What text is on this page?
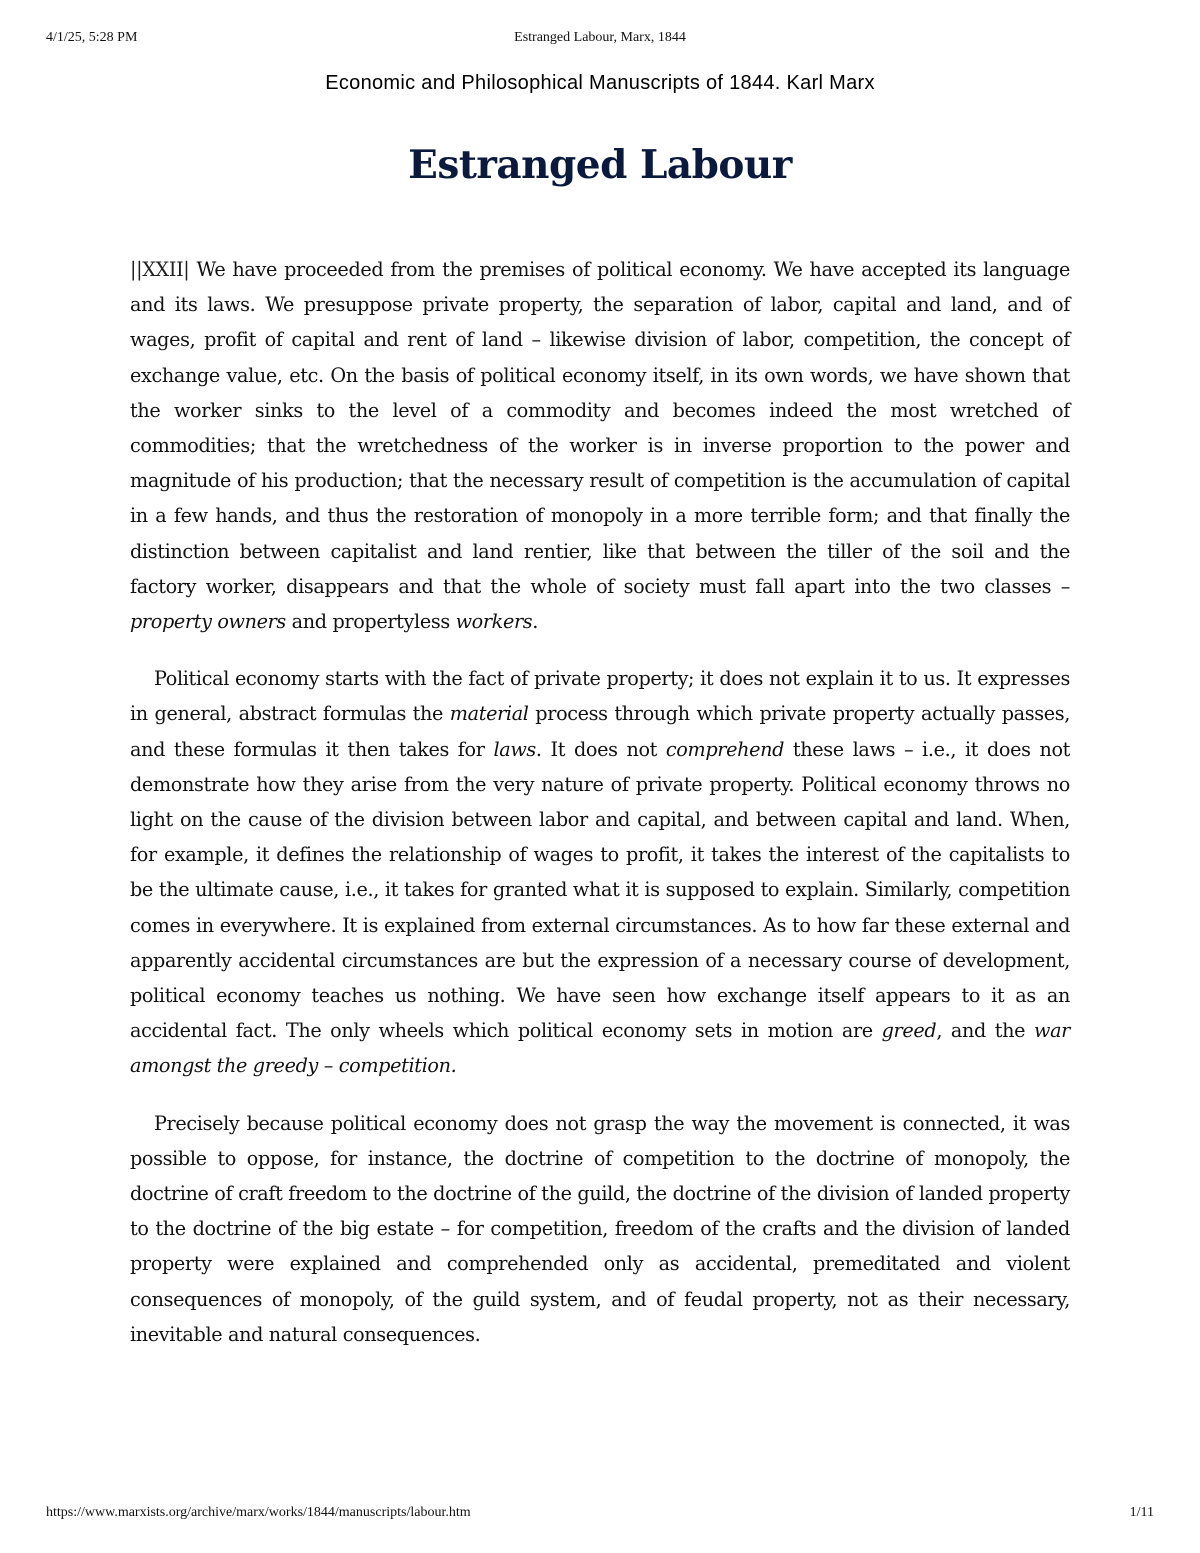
4/1/25, 5:28 PM	Estranged Labour, Marx, 1844
Economic and Philosophical Manuscripts of 1844. Karl Marx
Estranged Labour

||XXII| We have proceeded from the premises of political economy. We have accepted its language and its laws. We presuppose private property, the separation of labor, capital and land, and of wages, profit of capital and rent of land – likewise division of labor, competition, the concept of exchange value, etc. On the basis of political economy itself, in its own words, we have shown that the worker sinks to the level of a commodity and becomes indeed the most wretched of commodities; that the wretchedness of the worker is in inverse proportion to the power and magnitude of his production; that the necessary result of competition is the accumulation of capital in a few hands, and thus the restoration of monopoly in a more terrible form; and that finally the distinction between capitalist and land rentier, like that between the tiller of the soil and the factory worker, disappears and that the whole of society must fall apart into the two classes – property owners and propertyless workers.

Political economy starts with the fact of private property; it does not explain it to us. It expresses in general, abstract formulas the material process through which private property actually passes, and these formulas it then takes for laws. It does not comprehend these laws – i.e., it does not demonstrate how they arise from the very nature of private property. Political economy throws no light on the cause of the division between labor and capital, and between capital and land. When, for example, it defines the relationship of wages to profit, it takes the interest of the capitalists to be the ultimate cause, i.e., it takes for granted what it is supposed to explain. Similarly, competition comes in everywhere. It is explained from external circumstances. As to how far these external and apparently accidental circumstances are but the expression of a necessary course of development, political economy teaches us nothing. We have seen how exchange itself appears to it as an accidental fact. The only wheels which political economy sets in motion are greed, and the war amongst the greedy – competition.

Precisely because political economy does not grasp the way the movement is connected, it was possible to oppose, for instance, the doctrine of competition to the doctrine of monopoly, the doctrine of craft freedom to the doctrine of the guild, the doctrine of the division of landed property to the doctrine of the big estate – for competition, freedom of the crafts and the division of landed property were explained and comprehended only as accidental, premeditated and violent consequences of monopoly, of the guild system, and of feudal property, not as their necessary, inevitable and natural consequences.

https://www.marxists.org/archive/marx/works/1844/manuscripts/labour.htm	1/11
